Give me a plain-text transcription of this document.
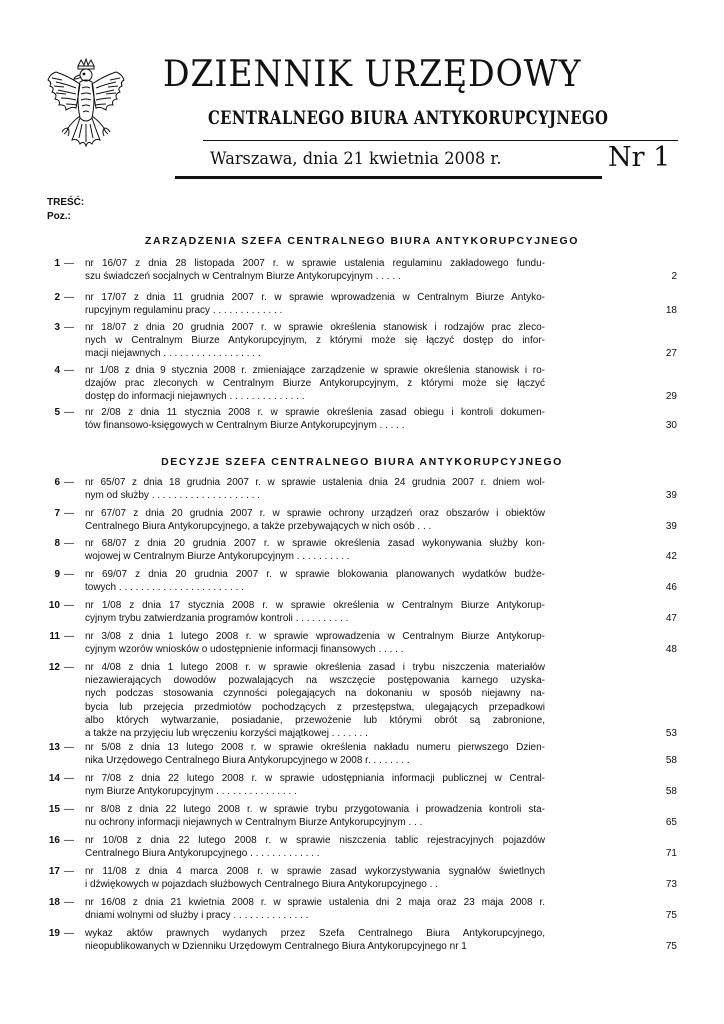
DZIENNIK URZĘDOWY
CENTRALNEGO BIURA ANTYKORUPCYJNEGO
Warszawa, dnia 21 kwietnia 2008 r.	Nr 1
TREŚĆ:
Poz.:
ZARZĄDZENIA SZEFA CENTRALNEGO BIURA ANTYKORUPCYJNEGO
DECYZJE SZEFA CENTRALNEGO BIURA ANTYKORUPCYJNEGO
1 — nr 16/07 z dnia 28 listopada 2007 r. w sprawie ustalenia regulaminu zakładowego fundu-
szu świadczeń socjalnych w Centralnym Biurze Antykorupcyjnym . . . . .	2
2 — nr 17/07 z dnia 11 grudnia 2007 r. w sprawie wprowadzenia w Centralnym Biurze Antyko-
rupcyjnym regulaminu pracy . . . . . . . . . . . . .	18
3 — nr 18/07 z dnia 20 grudnia 2007 r. w sprawie określenia stanowisk i rodzajów prac zleco-
nych w Centralnym Biurze Antykorupcyjnym, z którymi może się łączyć dostęp do infor-
macji niejawnych . . . . . . . . . . . . . . . . . .	27
4 — nr 1/08 z dnia 9 stycznia 2008 r. zmieniające zarządzenie w sprawie określenia stanowisk i ro-
dzajów prac zleconych w Centralnym Biurze Antykorupcyjnym, z którymi może się łączyć
dostęp do informacji niejawnych . . . . . . . . . . . . . .	29
5 — nr 2/08 z dnia 11 stycznia 2008 r. w sprawie określenia zasad obiegu i kontroli dokumen-
tów finansowo-księgowych w Centralnym Biurze Antykorupcyjnym . . . . .	30
6 — nr 65/07 z dnia 18 grudnia 2007 r. w sprawie ustalenia dnia 24 grudnia 2007 r. dniem wol-
nym od służby . . . . . . . . . . . . . . . . . . . .	39
7 — nr 67/07 z dnia 20 grudnia 2007 r. w sprawie ochrony urządzeń oraz obszarów i obiektów
Centralnego Biura Antykorupcyjnego, a także przebywających w nich osób . . .	39
8 — nr 68/07 z dnia 20 grudnia 2007 r. w sprawie określenia zasad wykonywania służby kon-
wojowej w Centralnym Biurze Antykorupcyjnym . . . . . . . . . .	42
9 — nr 69/07 z dnia 20 grudnia 2007 r. w sprawie blokowania planowanych wydatków budże-
towych . . . . . . . . . . . . . . . . . . . . . . .	46
10 — nr 1/08 z dnia 17 stycznia 2008 r. w sprawie określenia w Centralnym Biurze Antykorup-
cyjnym trybu zatwierdzania programów kontroli . . . . . . . . . .	47
11 — nr 3/08 z dnia 1 lutego 2008 r. w sprawie wprowadzenia w Centralnym Biurze Antykorup-
cyjnym wzorów wniosków o udostępnienie informacji finansowych . . . . .	48
12 — nr 4/08 z dnia 1 lutego 2008 r. w sprawie określenia zasad i trybu niszczenia materiałów
niezawierających dowodów pozwalających na wszczęcie postępowania karnego uzyska-
nych podczas stosowania czynności polegających na dokonaniu w sposób niejawny na-
bycia lub przejęcia przedmiotów pochodzących z przestępstwa, ulegających przepadkowi
albo których wytwarzanie, posiadanie, przewożenie lub którymi obrót są zabronione,
a także na przyjęciu lub wręczeniu korzyści majątkowej . . . . . . .	53
13 — nr 5/08 z dnia 13 lutego 2008 r. w sprawie określenia nakładu numeru pierwszego Dzien-
nika Urzędowego Centralnego Biura Antykorupcyjnego w 2008 r. . . . . . . .	58
14 — nr 7/08 z dnia 22 lutego 2008 r. w sprawie udostępniania informacji publicznej w Central-
nym Biurze Antykorupcyjnym . . . . . . . . . . . . . . .	58
15 — nr 8/08 z dnia 22 lutego 2008 r. w sprawie trybu przygotowania i prowadzenia kontroli sta-
nu ochrony informacji niejawnych w Centralnym Biurze Antykorupcyjnym . . .	65
16 — nr 10/08 z dnia 22 lutego 2008 r. w sprawie niszczenia tablic rejestracyjnych pojazdów
Centralnego Biura Antykorupcyjnego . . . . . . . . . . . . .	71
17 — nr 11/08 z dnia 4 marca 2008 r. w sprawie zasad wykorzystywania sygnałów świetlnych
i dźwiękowych w pojazdach służbowych Centralnego Biura Antykorupcyjnego . .	73
18 — nr 16/08 z dnia 21 kwietnia 2008 r. w sprawie ustalenia dni 2 maja oraz 23 maja 2008 r.
dniami wolnymi od służby i pracy . . . . . . . . . . . . . .	75
19 — wykaz aktów prawnych wydanych przez Szefa Centralnego Biura Antykorupcyjnego,
nieopublikowanych w Dzienniku Urzędowym Centralnego Biura Antykorupcyjnego nr 1	75
